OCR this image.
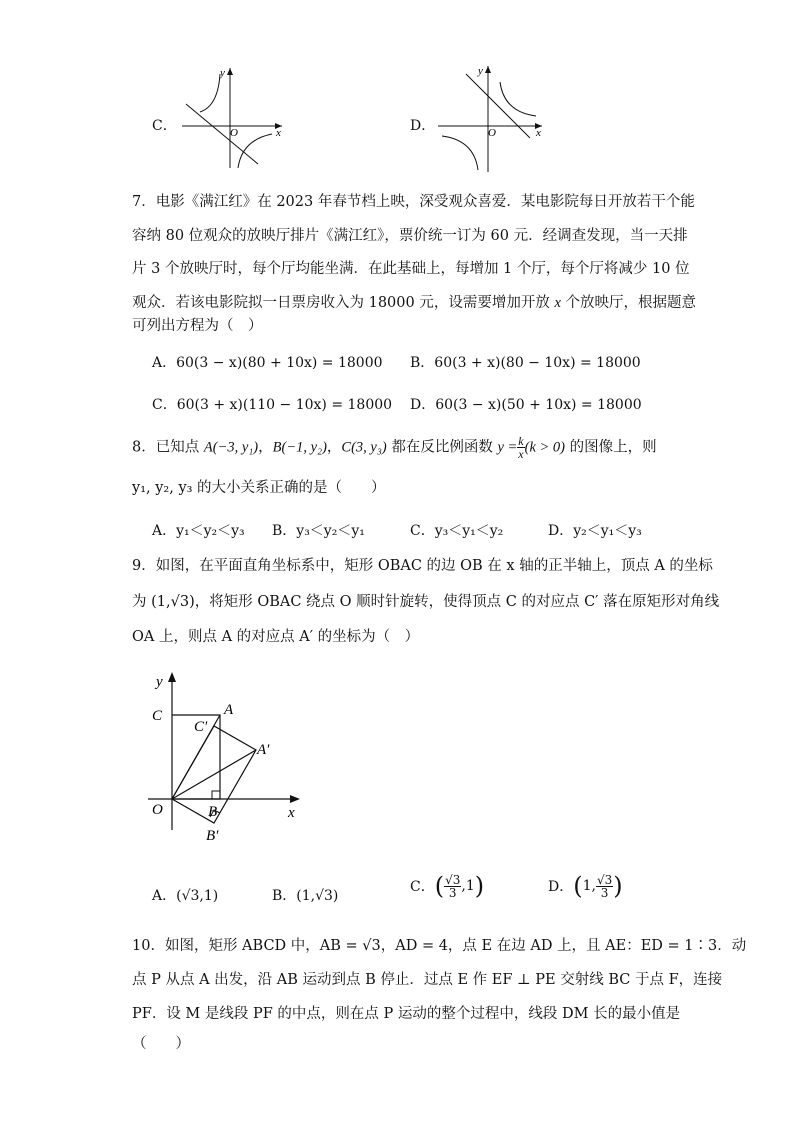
C．
y
x
O	D．
y
x
O
7．电影《满江红》在 2023 年春节档上映，深受观众喜爱．某电影院每日开放若干个能
容纳 80 位观众的放映厅排片《满江红》，票价统一订为 60 元．经调查发现，当一天排
片 3 个放映厅时，每个厅均能坐满．在此基础上，每增加 1 个厅，每个厅将减少 10 位
观众．若该电影院拟一日票房收入为 18000 元，设需要增加开放 x 个放映厅，根据题意
可列出方程为（　）
A．60(3 − x)(80 + 10x) = 18000 B．60(3 + x)(80 − 10x) = 18000
C．60(3 + x)(110 − 10x) = 18000 D．60(3 − x)(50 + 10x) = 18000
8．已知点 A(−3, y₁)，B(−1, y₂)，C(3, y₃) 都在反比例函数 $y = \frac{k}{x} (k > 0)$ 的图像上，则
y₁, y₂, y₃ 的大小关系正确的是（　　）
A．y₁＜y₂＜y₃ B．y₃＜y₂＜y₁	C．y₃＜y₁＜y₂	D．y₂＜y₁＜y₃
9．如图，在平面直角坐标系中，矩形 OBAC 的边 OB 在 x 轴的正半轴上，顶点 A 的坐标
为 (1,√3)，将矩形 OBAC 绕点 O 顺时针旋转，使得顶点 C 的对应点 C′ 落在原矩形对角线
OA 上，则点 A 的对应点 A′ 的坐标为（　）
y
x
O
C	A
C′
A′
B
B′
A．(√3,1)	B．(1,√3)
C．( $\frac{√3}{3} ,1$)	D．(1, $\frac{√3}{3}$ )
10．如图，矩形 ABCD 中，AB = √3，AD = 4，点 E 在边 AD 上，且 AE：ED = 1∶3．动
点 P 从点 A 出发，沿 AB 运动到点 B 停止．过点 E 作 EF ⊥ PE 交射线 BC 于点 F，连接
PF．设 M 是线段 PF 的中点，则在点 P 运动的整个过程中，线段 DM 长的最小值是
（　　）
